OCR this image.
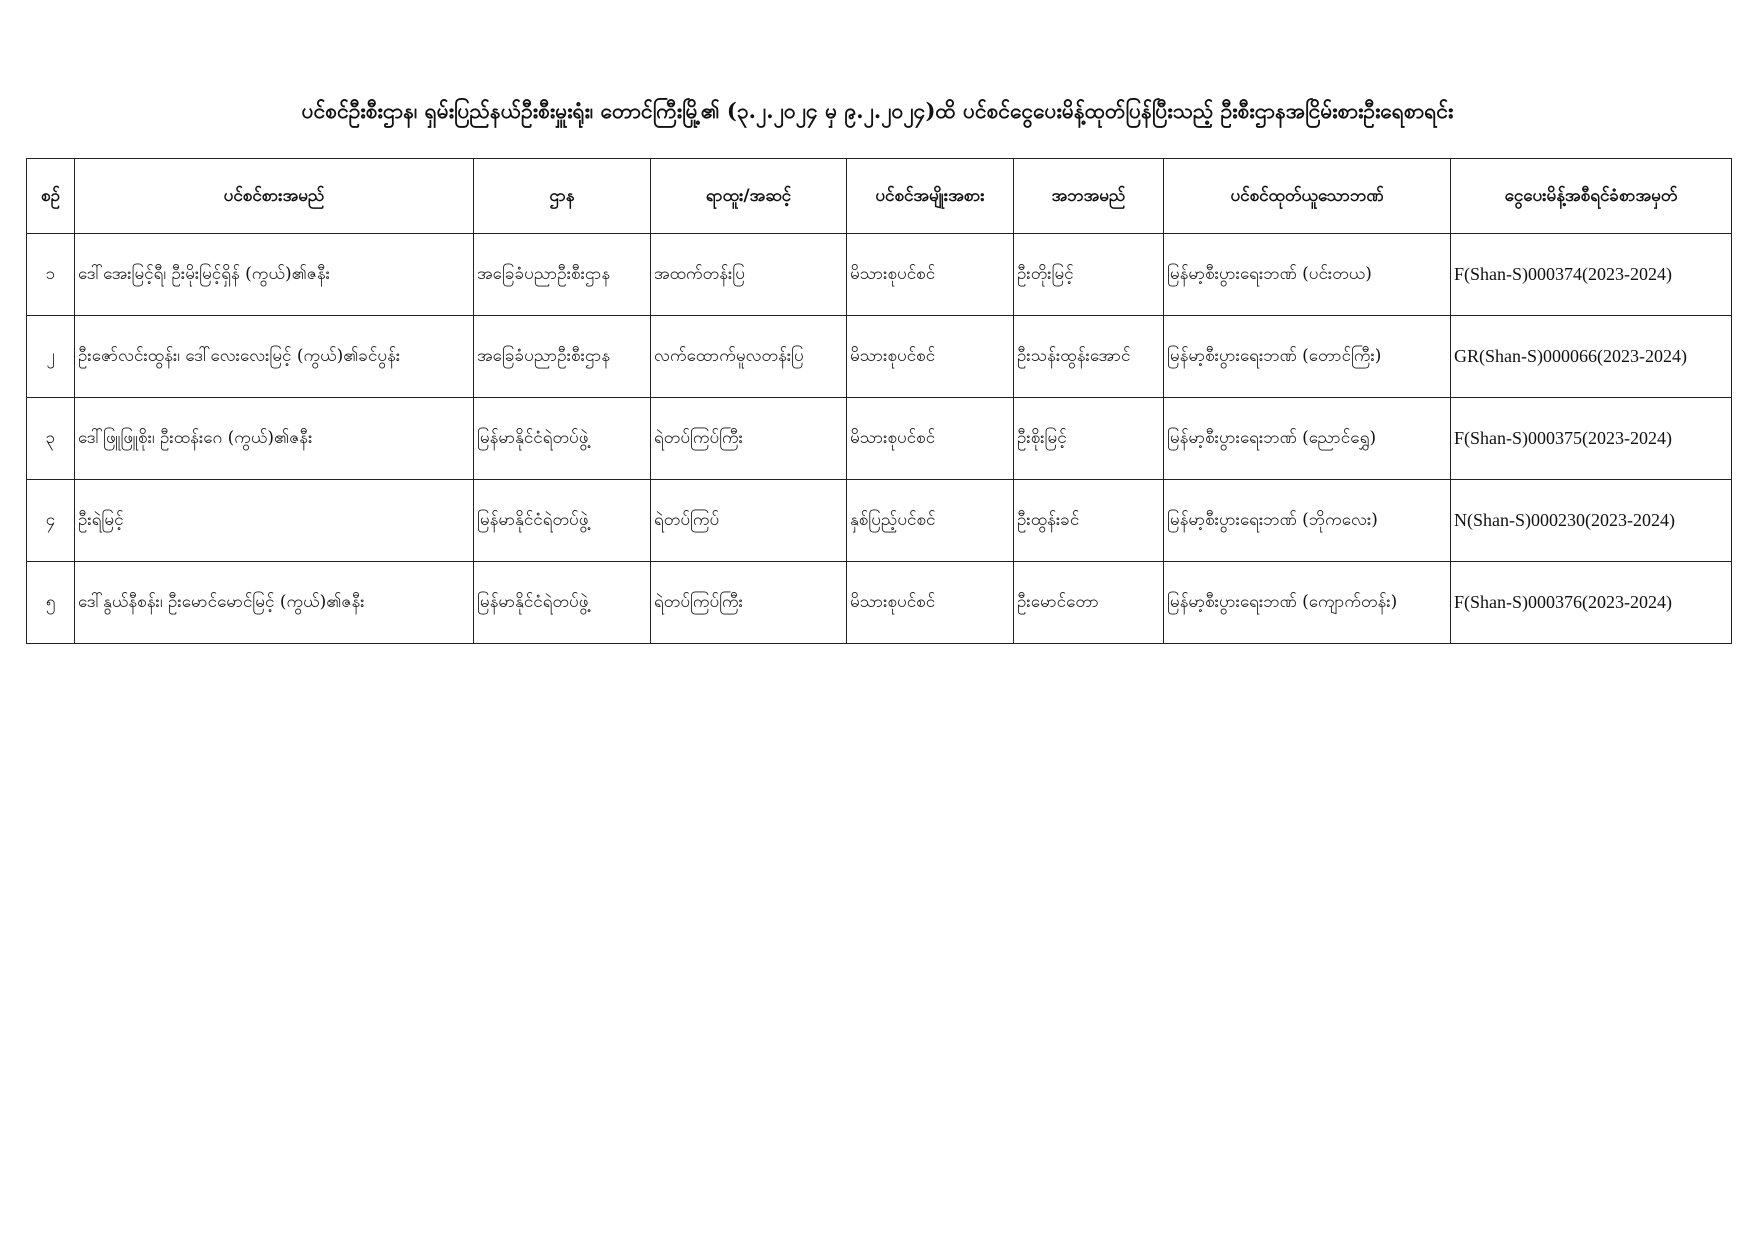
ပင်စင်ဦးစီးဌာန၊ ရှမ်းပြည်နယ်ဦးစီးမှူးရုံး၊ တောင်ကြီးမြို့၏ (၃.၂.၂၀၂၄ မှ ၉.၂.၂၀၂၄)ထိ ပင်စင်ငွေပေးမိန့်ထုတ်ပြန်ပြီးသည့် ဦးစီးဌာနအငြိမ်းစားဦးရေစာရင်း
စဉ်	ပင်စင်စားအမည်	ဌာန	ရာထူး/အဆင့်	ပင်စင်အမျိုးအစား	အဘအမည်	ပင်စင်ထုတ်ယူသောဘဏ်	ငွေပေးမိန့်အစီရင်ခံစာအမှတ်
၁	ဒေါ်အေးမြင့်ရီ၊ ဦးမိုးမြင့်ရှိန် (ကွယ်)၏ဇနီး	အခြေခံပညာဦးစီးဌာန	အထက်တန်းပြ	မိသားစုပင်စင်	ဦးတိုးမြင့်	မြန်မာ့စီးပွားရေးဘဏ် (ပင်းတယ)	F(Shan-S)000374(2023-2024)
၂	ဦးဇော်လင်းထွန်း၊ ဒေါ်လေးလေးမြင့် (ကွယ်)၏ခင်ပွန်း	အခြေခံပညာဦးစီးဌာန	လက်ထောက်မူလတန်းပြ	မိသားစုပင်စင်	ဦးသန်းထွန်းအောင်	မြန်မာ့စီးပွားရေးဘဏ် (တောင်ကြီး)	GR(Shan-S)000066(2023-2024)
၃	ဒေါ်ဖြူဖြူစိုး၊ ဦးထန်းဂေ (ကွယ်)၏ဇနီး	မြန်မာနိုင်ငံရဲတပ်ဖွဲ့	ရဲတပ်ကြပ်ကြီး	မိသားစုပင်စင်	ဦးစိုးမြင့်	မြန်မာ့စီးပွားရေးဘဏ် (ညောင်ရွှေ)	F(Shan-S)000375(2023-2024)
၄	ဦးရဲမြင့်	မြန်မာနိုင်ငံရဲတပ်ဖွဲ့	ရဲတပ်ကြပ်	နှစ်ပြည့်ပင်စင်	ဦးထွန်းခင်	မြန်မာ့စီးပွားရေးဘဏ် (ဘိုကလေး)	N(Shan-S)000230(2023-2024)
၅	ဒေါ်နွယ်နီစန်း၊ ဦးမောင်မောင်မြင့် (ကွယ်)၏ဇနီး	မြန်မာနိုင်ငံရဲတပ်ဖွဲ့	ရဲတပ်ကြပ်ကြီး	မိသားစုပင်စင်	ဦးမောင်တော	မြန်မာ့စီးပွားရေးဘဏ် (ကျောက်တန်း)	F(Shan-S)000376(2023-2024)
